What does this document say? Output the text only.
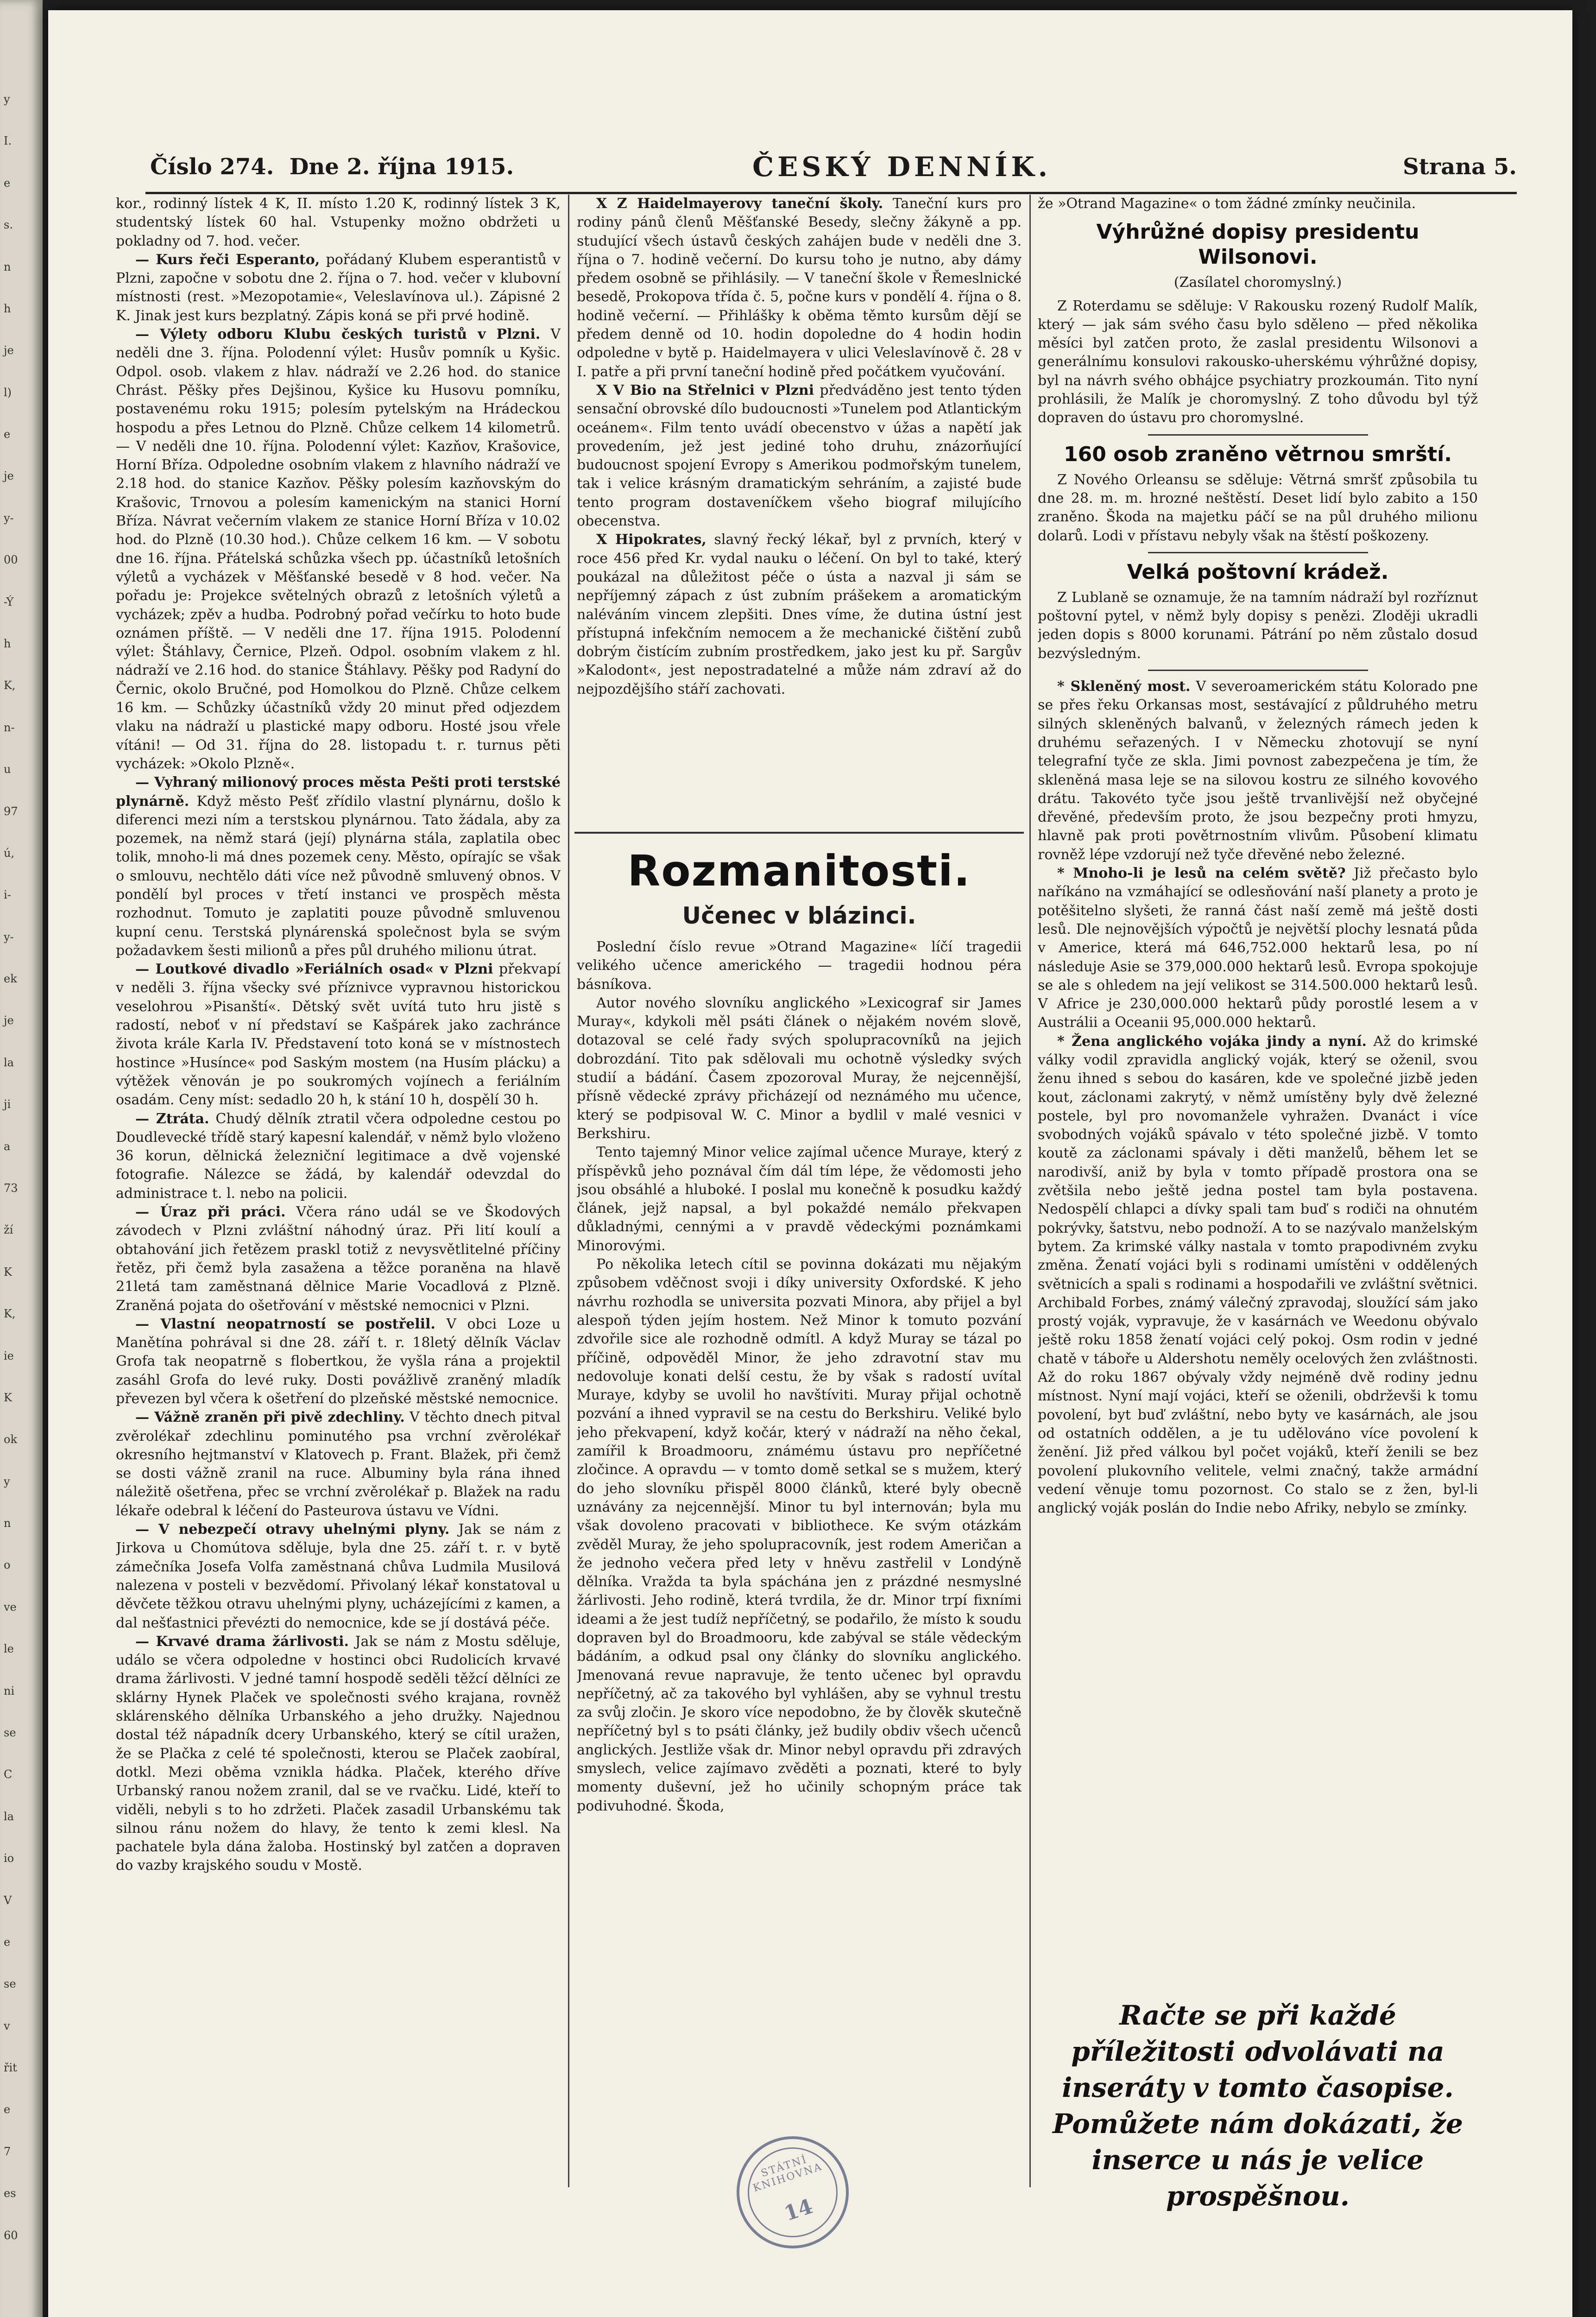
y
I.
e
s.
n
h
je
l)
e
je
y-
00
-Ý
h
K,
n-
u
97
ú,
i-
y-
ek
je
la
ji
a
73
ží
K
K,
ie
K
ok
y
n
o
ve
le
ni
se
C
la
io
V
e
se
v
řit
e
7
es
60
Číslo 274. Dne 2. října 1915.	ČESKÝ DENNÍK.	Strana 5.

kor., rodinný lístek 4 K, II. místo 1.20 K, rodinný lístek 3 K, studentský lístek 60 hal. Vstupenky možno obdržeti u pokladny od 7. hod. večer.

— Kurs řeči Esperanto, pořádaný Klubem esperantistů v Plzni, započne v sobotu dne 2. října o 7. hod. večer v klubovní místnosti (rest. »Mezopotamie«, Veleslavínova ul.). Zápisné 2 K. Jinak jest kurs bezplatný. Zápis koná se při prvé hodině.

— Výlety odboru Klubu českých turistů v Plzni. V neděli dne 3. října. Polodenní výlet: Husův pomník u Kyšic. Odpol. osob. vlakem z hlav. nádraží ve 2.26 hod. do stanice Chrást. Pěšky přes Dejšinou, Kyšice ku Husovu pomníku, postavenému roku 1915; polesím pytelským na Hrádeckou hospodu a přes Letnou do Plzně. Chůze celkem 14 kilometrů. — V neděli dne 10. října. Polodenní výlet: Kazňov, Krašovice, Horní Bříza. Odpoledne osobním vlakem z hlavního nádraží ve 2.18 hod. do stanice Kazňov. Pěšky polesím kazňovským do Krašovic, Trnovou a polesím kamenickým na stanici Horní Bříza. Návrat večerním vlakem ze stanice Horní Bříza v 10.02 hod. do Plzně (10.30 hod.). Chůze celkem 16 km. — V sobotu dne 16. října. Přátelská schůzka všech pp. účastníků letošních výletů a vycházek v Měšťanské besedě v 8 hod. večer. Na pořadu je: Projekce světelných obrazů z letošních výletů a vycházek; zpěv a hudba. Podrobný pořad večírku to hoto bude oznámen příště. — V neděli dne 17. října 1915. Polodenní výlet: Štáhlavy, Černice, Plzeň. Odpol. osobním vlakem z hl. nádraží ve 2.16 hod. do stanice Štáhlavy. Pěšky pod Radyní do Černic, okolo Bručné, pod Homolkou do Plzně. Chůze celkem 16 km. — Schůzky účastníků vždy 20 minut před odjezdem vlaku na nádraží u plastické mapy odboru. Hosté jsou vřele vítáni! — Od 31. října do 28. listopadu t. r. turnus pěti vycházek: »Okolo Plzně«.

— Vyhraný milionový proces města Pešti proti terstské plynárně. Když město Pešť zřídilo vlastní plynárnu, došlo k diferenci mezi ním a terstskou plynárnou. Tato žádala, aby za pozemek, na němž stará (její) plynárna stála, zaplatila obec tolik, mnoho-li má dnes pozemek ceny. Město, opírajíc se však o smlouvu, nechtělo dáti více než původně smluvený obnos. V pondělí byl proces v třetí instanci ve prospěch města rozhodnut. Tomuto je zaplatiti pouze původně smluvenou kupní cenu. Terstská plynárenská společnost byla se svým požadavkem šesti milionů a přes půl druhého milionu útrat.

— Loutkové divadlo »Feriálních osad« v Plzni překvapí v neděli 3. října všecky své příznivce vypravnou historickou veselohrou »Pisanští«. Dětský svět uvítá tuto hru jistě s radostí, neboť v ní představí se Kašpárek jako zachránce života krále Karla IV. Představení toto koná se v místnostech hostince »Husínce« pod Saským mostem (na Husím plácku) a výtěžek věnován je po soukromých vojínech a feriálním osadám. Ceny míst: sedadlo 20 h, k stání 10 h, dospělí 30 h.

— Ztráta. Chudý dělník ztratil včera odpoledne cestou po Doudlevecké třídě starý kapesní kalendář, v němž bylo vloženo 36 korun, dělnická železniční legitimace a dvě vojenské fotografie. Nálezce se žádá, by kalendář odevzdal do administrace t. l. nebo na policii.

— Úraz při práci. Včera ráno udál se ve Škodových závodech v Plzni zvláštní náhodný úraz. Při lití koulí a obtahování jich řetězem praskl totiž z nevysvětlitelné příčiny řetěz, při čemž byla zasažena a těžce poraněna na hlavě 21letá tam zaměstnaná dělnice Marie Vocadlová z Plzně. Zraněná pojata do ošetřování v městské nemocnici v Plzni.

— Vlastní neopatrností se postřelil. V obci Loze u Manětína pohrával si dne 28. září t. r. 18letý dělník Václav Grofa tak neopatrně s flobertkou, že vyšla rána a projektil zasáhl Grofa do levé ruky. Dosti povážlivě zraněný mladík převezen byl včera k ošetření do plzeňské městské nemocnice.

— Vážně zraněn při pivě zdechliny. V těchto dnech pitval zvěrolékař zdechlinu pominutého psa vrchní zvěrolékař okresního hejtmanství v Klatovech p. Frant. Blažek, při čemž se dosti vážně zranil na ruce. Albuminy byla rána ihned náležitě ošetřena, přec se vrchní zvěrolékař p. Blažek na radu lékaře odebral k léčení do Pasteurova ústavu ve Vídni.

— V nebezpečí otravy uhelnými plyny. Jak se nám z Jirkova u Chomútova sděluje, byla dne 25. září t. r. v bytě zámečníka Josefa Volfa zaměstnaná chůva Ludmila Musilová nalezena v posteli v bezvědomí. Přivolaný lékař konstatoval u děvčete těžkou otravu uhelnými plyny, ucházejícími z kamen, a dal nešťastnici převézti do nemocnice, kde se jí dostává péče.

— Krvavé drama žárlivosti. Jak se nám z Mostu sděluje, událo se včera odpoledne v hostinci obci Rudolicích krvavé drama žárlivosti. V jedné tamní hospodě seděli těžcí dělníci ze sklárny Hynek Plaček ve společnosti svého krajana, rovněž sklárenského dělníka Urbanského a jeho družky. Najednou dostal též nápadník dcery Urbanského, který se cítil uražen, že se Plačka z celé té společnosti, kterou se Plaček zaobíral, dotkl. Mezi oběma vznikla hádka. Plaček, kterého dříve Urbanský ranou nožem zranil, dal se ve rvačku. Lidé, kteří to viděli, nebyli s to ho zdržeti. Plaček zasadil Urbanskému tak silnou ránu nožem do hlavy, že tento k zemi klesl. Na pachatele byla dána žaloba. Hostinský byl zatčen a dopraven do vazby krajského soudu v Mostě.

X Z Haidelmayerovy taneční školy. Taneční kurs pro rodiny pánů členů Měšťanské Besedy, slečny žákyně a pp. studující všech ústavů českých zahájen bude v neděli dne 3. října o 7. hodině večerní. Do kursu toho je nutno, aby dámy předem osobně se přihlásily. — V taneční škole v Řemeslnické besedě, Prokopova třída č. 5, počne kurs v pondělí 4. října o 8. hodině večerní. — Přihlášky k oběma těmto kursům dějí se předem denně od 10. hodin dopoledne do 4 hodin hodin odpoledne v bytě p. Haidelmayera v ulici Veleslavínově č. 28 v I. patře a při první taneční hodině před počátkem vyučování.

X V Bio na Střelnici v Plzni předváděno jest tento týden sensační obrovské dílo budoucnosti »Tunelem pod Atlantickým oceánem«. Film tento uvádí obecenstvo v úžas a napětí jak provedením, jež jest jediné toho druhu, znázorňující budoucnost spojení Evropy s Amerikou podmořským tunelem, tak i velice krásným dramatickým sehráním, a zajisté bude tento program dostaveníčkem všeho biograf milujícího obecenstva.

X Hipokrates, slavný řecký lékař, byl z prvních, který v roce 456 před Kr. vydal nauku o léčení. On byl to také, který poukázal na důležitost péče o ústa a nazval ji sám se nepříjemný zápach z úst zubním prášekem a aromatickým naléváním vincem zlepšiti. Dnes víme, že dutina ústní jest přístupná infekčním nemocem a že mechanické čištění zubů dobrým čistícím zubním prostředkem, jako jest ku př. Sargův »Kalodont«, jest nepostradatelné a může nám zdraví až do nejpozdějšího stáří zachovati.

Rozmanitosti.
Učenec v blázinci.

Poslední číslo revue »Otrand Magazine« líčí tragedii velikého učence amerického — tragedii hodnou péra básníkova.

Autor nového slovníku anglického »Lexicograf sir James Muray«, kdykoli měl psáti článek o nějakém novém slově, dotazoval se celé řady svých spolupracovníků na jejich dobrozdání. Tito pak sdělovali mu ochotně výsledky svých studií a bádání. Časem zpozoroval Muray, že nejcennější, přísně vědecké zprávy přicházejí od neznámého mu učence, který se podpisoval W. C. Minor a bydlil v malé vesnici v Berkshiru.

Tento tajemný Minor velice zajímal učence Muraye, který z příspěvků jeho poznával čím dál tím lépe, že vědomosti jeho jsou obsáhlé a hluboké. I poslal mu konečně k posudku každý článek, jejž napsal, a byl pokaždé nemálo překvapen důkladnými, cennými a v pravdě vědeckými poznámkami Minorovými.

Po několika letech cítil se povinna dokázati mu nějakým způsobem vděčnost svoji i díky university Oxfordské. K jeho návrhu rozhodla se universita pozvati Minora, aby přijel a byl alespoň týden jejím hostem. Než Minor k tomuto pozvání zdvořile sice ale rozhodně odmítl. A když Muray se tázal po příčině, odpověděl Minor, že jeho zdravotní stav mu nedovoluje konati delší cestu, že by však s radostí uvítal Muraye, kdyby se uvolil ho navštíviti. Muray přijal ochotně pozvání a ihned vypravil se na cestu do Berkshiru. Veliké bylo jeho překvapení, když kočár, který v nádraží na něho čekal, zamířil k Broadmooru, známému ústavu pro nepříčetné zločince. A opravdu — v tomto domě setkal se s mužem, který do jeho slovníku přispěl 8000 článků, které byly obecně uznávány za nejcennější. Minor tu byl internován; byla mu však dovoleno pracovati v bibliothece. Ke svým otázkám zvěděl Muray, že jeho spolupracovník, jest rodem Američan a že jednoho večera před lety v hněvu zastřelil v Londýně dělníka. Vražda ta byla spáchána jen z prázdné nesmyslné žárlivosti. Jeho rodině, která tvrdila, že dr. Minor trpí fixními ideami a že jest tudíž nepříčetný, se podařilo, že místo k soudu dopraven byl do Broadmooru, kde zabýval se stále vědeckým bádáním, a odkud psal ony články do slovníku anglického. Jmenovaná revue napravuje, že tento učenec byl opravdu nepříčetný, ač za takového byl vyhlášen, aby se vyhnul trestu za svůj zločin. Je skoro více nepodobno, že by člověk skutečně nepříčetný byl s to psáti články, jež budily obdiv všech učenců anglických. Jestliže však dr. Minor nebyl opravdu při zdravých smyslech, velice zajímavo zvěděti a poznati, které to byly momenty duševní, jež ho učinily schopným práce tak podivuhodné. Škoda,

že »Otrand Magazine« o tom žádné zmínky neučinila.

Výhrůžné dopisy presidentu Wilsonovi.
(Zasílatel choromyslný.)

Z Roterdamu se sděluje: V Rakousku rozený Rudolf Malík, který — jak sám svého času bylo sděleno — před několika měsíci byl zatčen proto, že zaslal presidentu Wilsonovi a generálnímu konsulovi rakousko-uherskému výhrůžné dopisy, byl na návrh svého obhájce psychiatry prozkoumán. Tito nyní prohlásili, že Malík je choromyslný. Z toho důvodu byl týž dopraven do ústavu pro choromyslné.

160 osob zraněno větrnou smrští.

Z Nového Orleansu se sděluje: Větrná smršť způsobila tu dne 28. m. m. hrozné neštěstí. Deset lidí bylo zabito a 150 zraněno. Škoda na majetku páčí se na půl druhého milionu dolarů. Lodi v přístavu nebyly však na štěstí poškozeny.

Velká poštovní krádež.

Z Lublaně se oznamuje, že na tamním nádraží byl rozříznut poštovní pytel, v němž byly dopisy s penězi. Zloději ukradli jeden dopis s 8000 korunami. Pátrání po něm zůstalo dosud bezvýsledným.

* Skleněný most. V severoamerickém státu Kolorado pne se přes řeku Orkansas most, sestávající z půldruhého metru silných skleněných balvanů, v železných rámech jeden k druhému seřazených. I v Německu zhotovují se nyní telegrafní tyče ze skla. Jimi povnost zabezpečena je tím, že skleněná masa leje se na silovou kostru ze silného kovového drátu. Takovéto tyče jsou ještě trvanlivější než obyčejné dřevěné, především proto, že jsou bezpečny proti hmyzu, hlavně pak proti povětrnostním vlivům. Působení klimatu rovněž lépe vzdorují než tyče dřevěné nebo železné.

* Mnoho-li je lesů na celém světě? Již přečasto bylo naříkáno na vzmáhající se odlesňování naší planety a proto je potěšitelno slyšeti, že ranná část naší země má ještě dosti lesů. Dle nejnovějších výpočtů je největší plochy lesnatá půda v Americe, která má 646,752.000 hektarů lesa, po ní následuje Asie se 379,000.000 hektarů lesů. Evropa spokojuje se ale s ohledem na její velikost se 314.500.000 hektarů lesů. V Africe je 230,000.000 hektarů půdy porostlé lesem a v Austrálii a Oceanii 95,000.000 hektarů.

* Žena anglického vojáka jindy a nyní. Až do krimské války vodil zpravidla anglický voják, který se oženil, svou ženu ihned s sebou do kasáren, kde ve společné jizbě jeden kout, záclonami zakrytý, v němž umístěny byly dvě železné postele, byl pro novomanžele vyhražen. Dvanáct i více svobodných vojáků spávalo v této společné jizbě. V tomto koutě za záclonami spávaly i děti manželů, během let se narodivší, aniž by byla v tomto případě prostora ona se zvětšila nebo ještě jedna postel tam byla postavena. Nedospělí chlapci a dívky spali tam buď s rodiči na ohnutém pokrývky, šatstvu, nebo podnoží. A to se nazývalo manželským bytem. Za krimské války nastala v tomto prapodivném zvyku změna. Ženatí vojáci byli s rodinami umístěni v oddělených světnicích a spali s rodinami a hospodařili ve zvláštní světnici. Archibald Forbes, známý válečný zpravodaj, sloužící sám jako prostý voják, vypravuje, že v kasárnách ve Weedonu obývalo ještě roku 1858 ženatí vojáci celý pokoj. Osm rodin v jedné chatě v táboře u Aldershotu neměly ocelových žen zvláštnosti. Až do roku 1867 obývaly vždy nejméně dvě rodiny jednu místnost. Nyní mají vojáci, kteří se oženili, obdrževši k tomu povolení, byt buď zvláštní, nebo byty ve kasárnách, ale jsou od ostatních oddělen, a je tu udělováno více povolení k ženění. Již před válkou byl počet vojáků, kteří ženili se bez povolení plukovního velitele, velmi značný, takže armádní vedení věnuje tomu pozornost. Co stalo se z žen, byl-li anglický voják poslán do Indie nebo Afriky, nebylo se zmínky.

Račte se při každé příležitosti odvolávati na inseráty v tomto časopise. Pomůžete nám dokázati, že inserce u nás je velice prospěšnou.
STÁTNÍ KNIHOVNA
14
